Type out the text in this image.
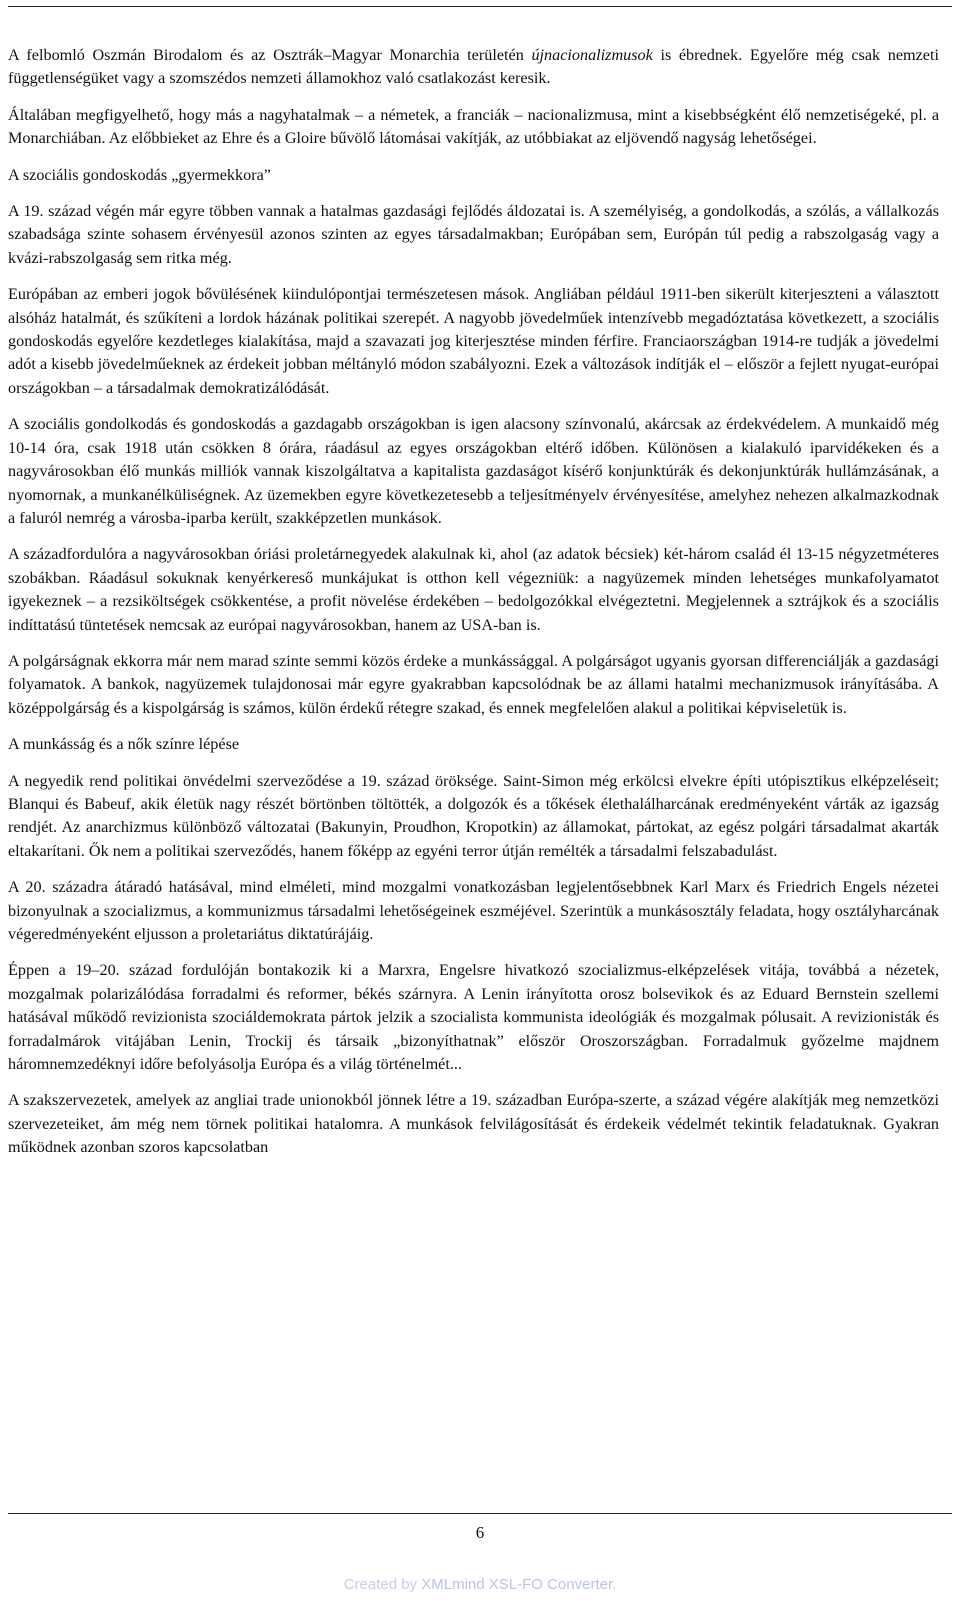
A felbomló Oszmán Birodalom és az Osztrák–Magyar Monarchia területén újnacionalizmusok is ébrednek. Egyelőre még csak nemzeti függetlenségüket vagy a szomszédos nemzeti államokhoz való csatlakozást keresik.

Általában megfigyelhető, hogy más a nagyhatalmak – a németek, a franciák – nacionalizmusa, mint a kisebbségként élő nemzetiségeké, pl. a Monarchiában. Az előbbieket az Ehre és a Gloire bűvölő látomásai vakítják, az utóbbiakat az eljövendő nagyság lehetőségei.

A szociális gondoskodás „gyermekkora”

A 19. század végén már egyre többen vannak a hatalmas gazdasági fejlődés áldozatai is. A személyiség, a gondolkodás, a szólás, a vállalkozás szabadsága szinte sohasem érvényesül azonos szinten az egyes társadalmakban; Európában sem, Európán túl pedig a rabszolgaság vagy a kvázi-rabszolgaság sem ritka még.

Európában az emberi jogok bővülésének kiindulópontjai természetesen mások. Angliában például 1911-ben sikerült kiterjeszteni a választott alsóház hatalmát, és szűkíteni a lordok házának politikai szerepét. A nagyobb jövedelműek intenzívebb megadóztatása következett, a szociális gondoskodás egyelőre kezdetleges kialakítása, majd a szavazati jog kiterjesztése minden férfire. Franciaországban 1914-re tudják a jövedelmi adót a kisebb jövedelműeknek az érdekeit jobban méltányló módon szabályozni. Ezek a változások indítják el – először a fejlett nyugat-európai országokban – a társadalmak demokratizálódását.

A szociális gondolkodás és gondoskodás a gazdagabb országokban is igen alacsony színvonalú, akárcsak az érdekvédelem. A munkaidő még 10-14 óra, csak 1918 után csökken 8 órára, ráadásul az egyes országokban eltérő időben. Különösen a kialakuló iparvidékeken és a nagyvárosokban élő munkás milliók vannak kiszolgáltatva a kapitalista gazdaságot kísérő konjunktúrák és dekonjunktúrák hullámzásának, a nyomornak, a munkanélküliségnek. Az üzemekben egyre következetesebb a teljesítményelv érvényesítése, amelyhez nehezen alkalmazkodnak a faluról nemrég a városba-iparba került, szakképzetlen munkások.

A századfordulóra a nagyvárosokban óriási proletárnegyedek alakulnak ki, ahol (az adatok bécsiek) két-három család él 13-15 négyzetméteres szobákban. Ráadásul sokuknak kenyérkereső munkájukat is otthon kell végezniük: a nagyüzemek minden lehetséges munkafolyamatot igyekeznek – a rezsiköltségek csökkentése, a profit növelése érdekében – bedolgozókkal elvégeztetni. Megjelennek a sztrájkok és a szociális indíttatású tüntetések nemcsak az európai nagyvárosokban, hanem az USA-ban is.

A polgárságnak ekkorra már nem marad szinte semmi közös érdeke a munkássággal. A polgárságot ugyanis gyorsan differenciálják a gazdasági folyamatok. A bankok, nagyüzemek tulajdonosai már egyre gyakrabban kapcsolódnak be az állami hatalmi mechanizmusok irányításába. A középpolgárság és a kispolgárság is számos, külön érdekű rétegre szakad, és ennek megfelelően alakul a politikai képviseletük is.

A munkásság és a nők színre lépése

A negyedik rend politikai önvédelmi szerveződése a 19. század öröksége. Saint-Simon még erkölcsi elvekre építi utópisztikus elképzeléseit; Blanqui és Babeuf, akik életük nagy részét börtönben töltötték, a dolgozók és a tőkések élethalálharcának eredményeként várták az igazság rendjét. Az anarchizmus különböző változatai (Bakunyin, Proudhon, Kropotkin) az államokat, pártokat, az egész polgári társadalmat akarták eltakarítani. Ők nem a politikai szerveződés, hanem főképp az egyéni terror útján remélték a társadalmi felszabadulást.

A 20. századra átáradó hatásával, mind elméleti, mind mozgalmi vonatkozásban legjelentősebbnek Karl Marx és Friedrich Engels nézetei bizonyulnak a szocializmus, a kommunizmus társadalmi lehetőségeinek eszméjével. Szerintük a munkásosztály feladata, hogy osztályharcának végeredményeként eljusson a proletariátus diktatúrájáig.

Éppen a 19–20. század fordulóján bontakozik ki a Marxra, Engelsre hivatkozó szocializmus-elképzelések vitája, továbbá a nézetek, mozgalmak polarizálódása forradalmi és reformer, békés szárnyra. A Lenin irányította orosz bolsevikok és az Eduard Bernstein szellemi hatásával működő revizionista szociáldemokrata pártok jelzik a szocialista kommunista ideológiák és mozgalmak pólusait. A revizionisták és forradalmárok vitájában Lenin, Trockij és társaik „bizonyíthatnak” először Oroszországban. Forradalmuk győzelme majdnem háromnemzedéknyi időre befolyásolja Európa és a világ történelmét...

A szakszervezetek, amelyek az angliai trade unionokból jönnek létre a 19. században Európa-szerte, a század végére alakítják meg nemzetközi szervezeteiket, ám még nem törnek politikai hatalomra. A munkások felvilágosítását és érdekeik védelmét tekintik feladatuknak. Gyakran működnek azonban szoros kapcsolatban

6
Created by XMLmind XSL-FO Converter.
